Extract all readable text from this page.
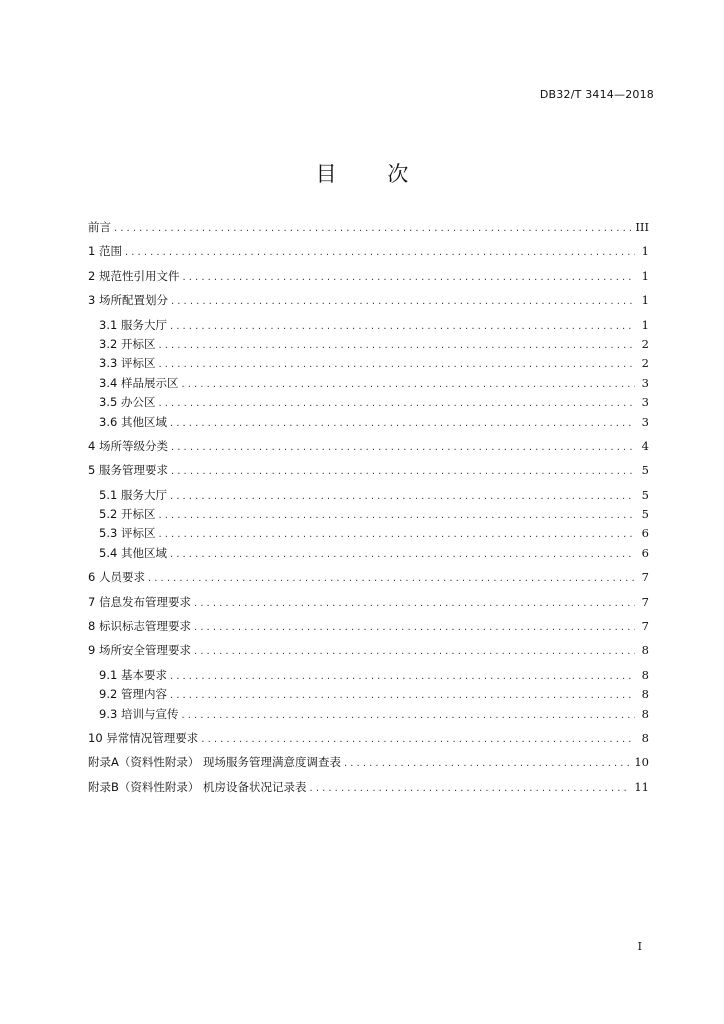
DB32/T 3414—2018
目 次
前言 .....	III
1 范围 .....	1
2 规范性引用文件 .....	1
3 场所配置划分 .....	1
3.1 服务大厅 .....	1
3.2 开标区 .....	2
3.3 评标区 .....	2
3.4 样品展示区 .....	3
3.5 办公区 .....	3
3.6 其他区域 .....	3
4 场所等级分类 .....	4
5 服务管理要求 .....	5
5.1 服务大厅 .....	5
5.2 开标区 .....	5
5.3 评标区 .....	6
5.4 其他区域 .....	6
6 人员要求 .....	7
7 信息发布管理要求 .....	7
8 标识标志管理要求 .....	7
9 场所安全管理要求 .....	8
9.1 基本要求 .....	8
9.2 管理内容 .....	8
9.3 培训与宣传 .....	8
10 异常情况管理要求 .....	8
附录A（资料性附录） 现场服务管理满意度调查表 .....	10
附录B（资料性附录） 机房设备状况记录表 .....	11
I
